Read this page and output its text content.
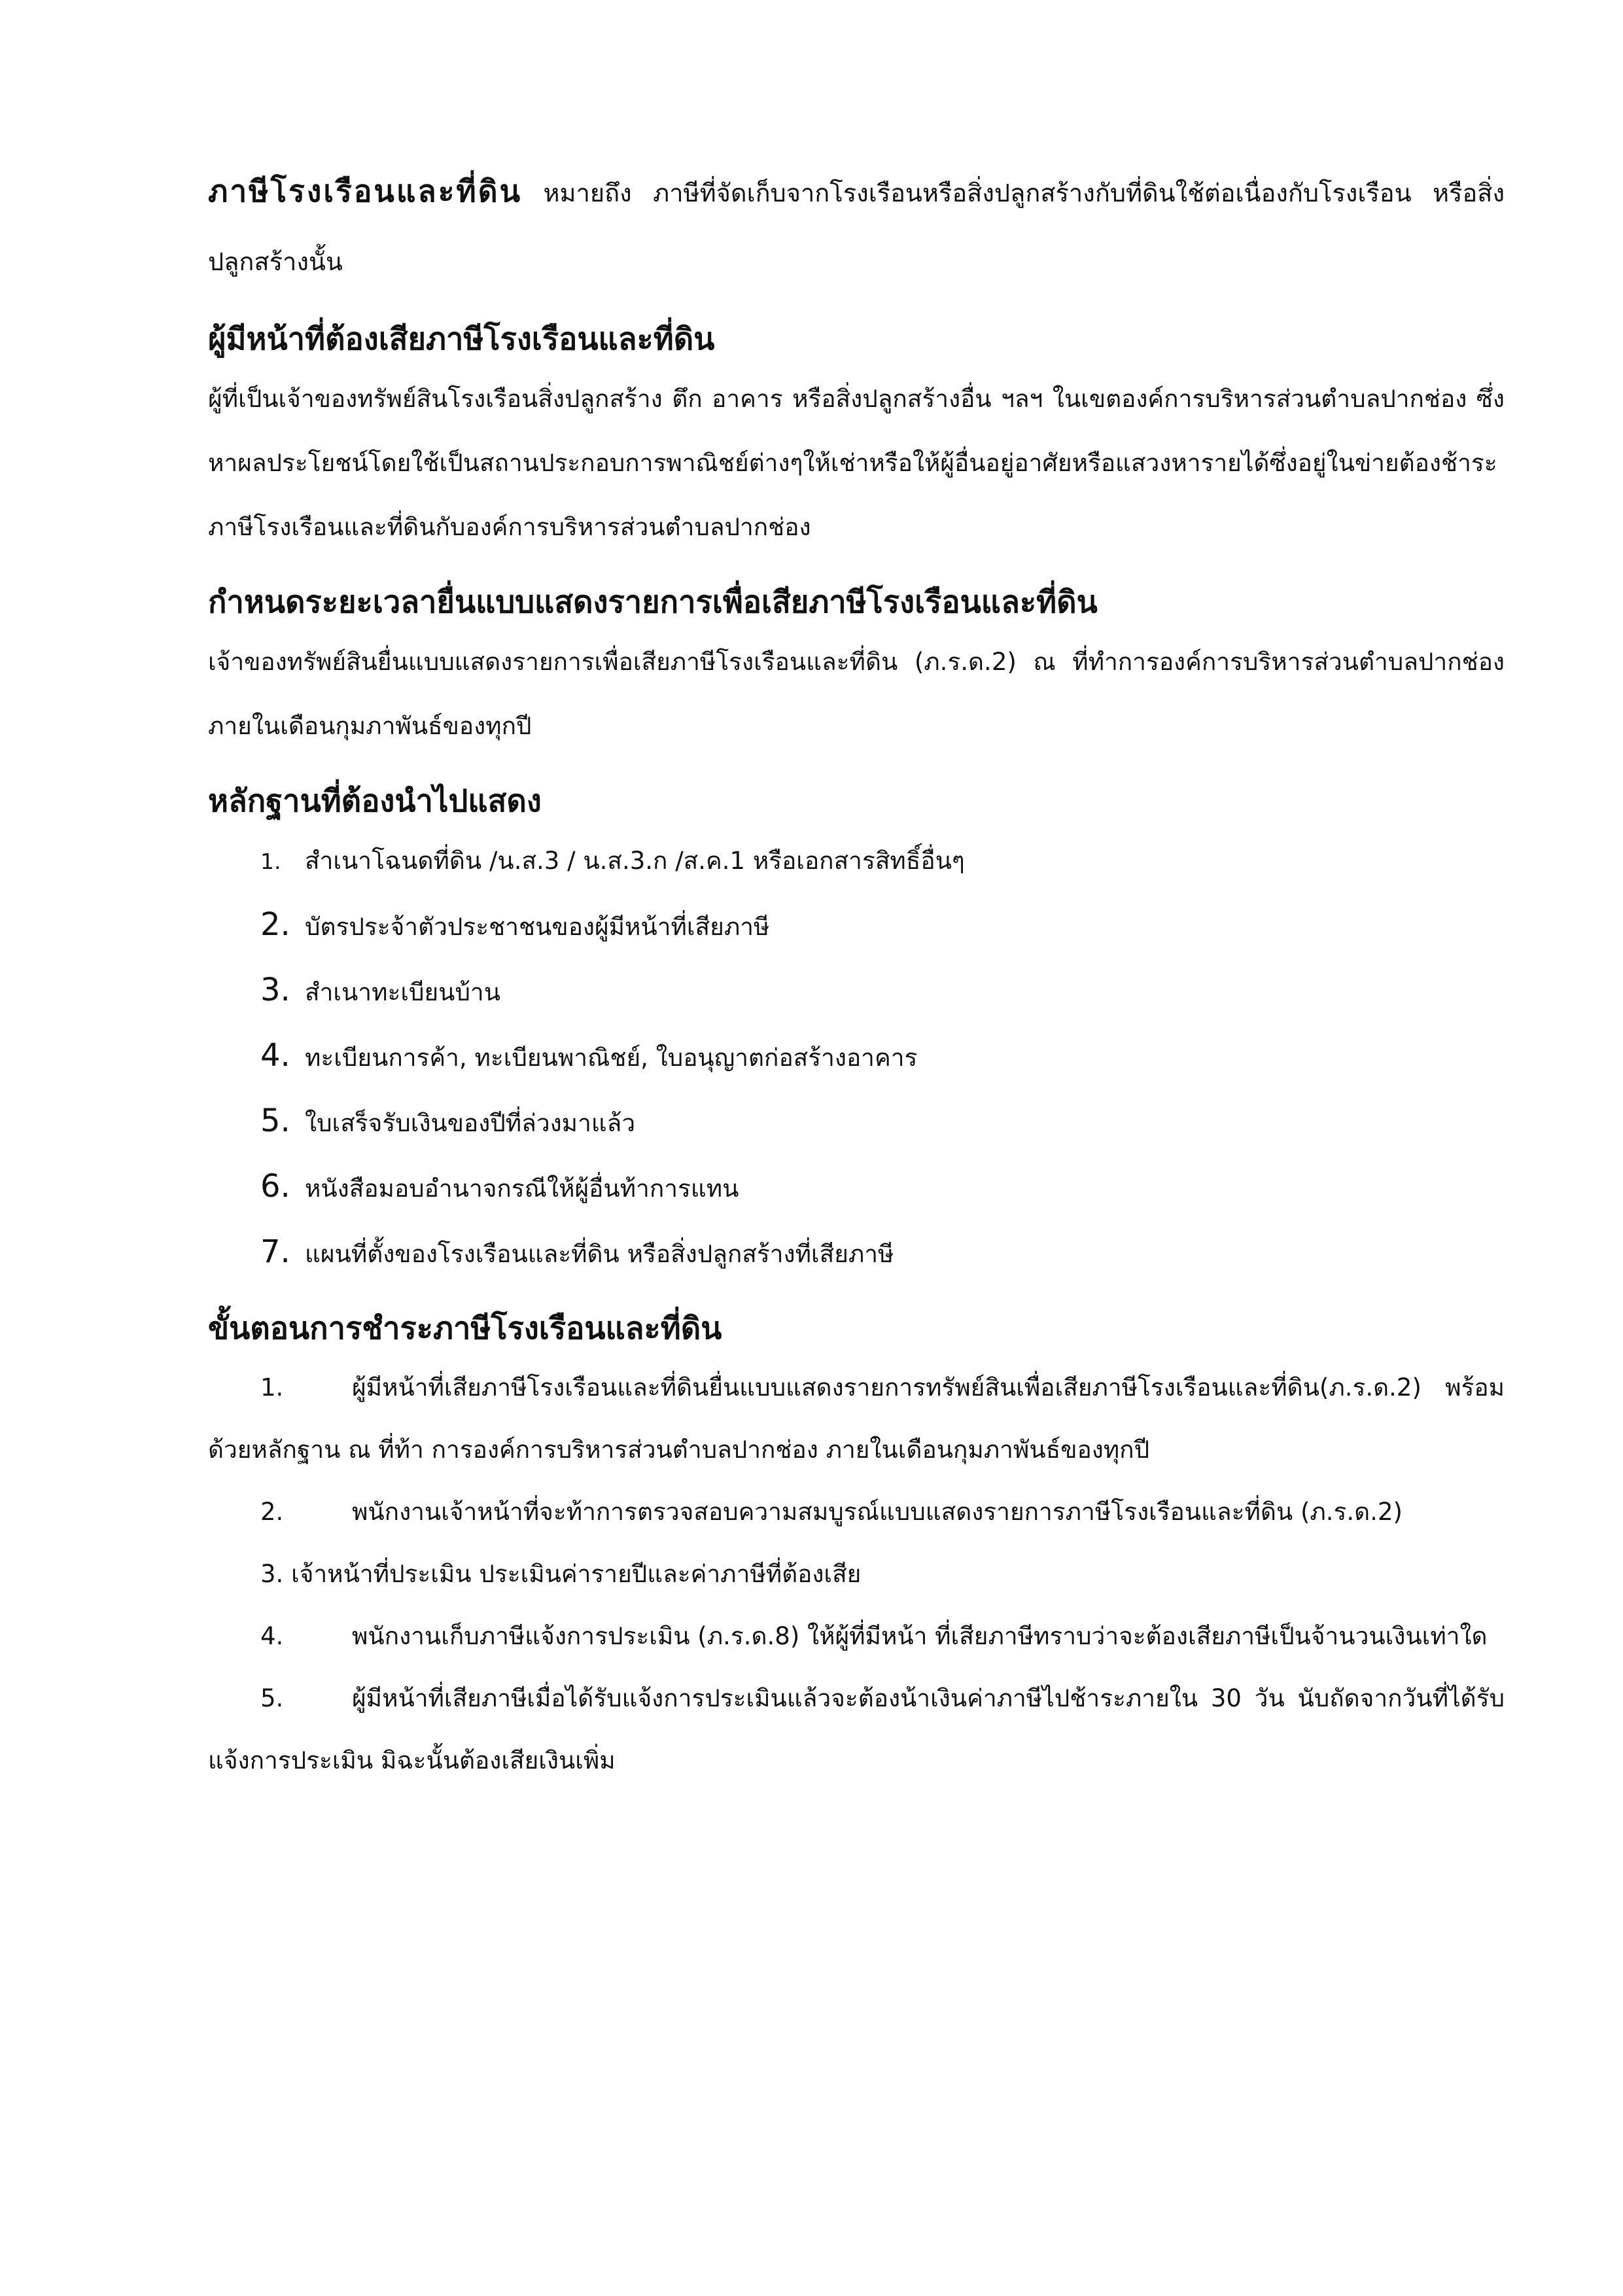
ภาษีโรงเรือนและที่ดิน หมายถึง ภาษีที่จัดเก็บจากโรงเรือนหรือสิ่งปลูกสร้างกับที่ดินใช้ต่อเนื่องกับโรงเรือน หรือสิ่งปลูกสร้างนั้น

ผู้มีหน้าที่ต้องเสียภาษีโรงเรือนและที่ดิน

ผู้ที่เป็นเจ้าของทรัพย์สินโรงเรือนสิ่งปลูกสร้าง ตึก อาคาร หรือสิ่งปลูกสร้างอื่น ฯลฯ ในเขตองค์การบริหารส่วนตำบลปากช่อง ซึ่งหาผลประโยชน์โดยใช้เป็นสถานประกอบการพาณิชย์ต่างๆให้เช่าหรือให้ผู้อื่นอยู่อาศัยหรือแสวงหารายได้ซึ่งอยู่ในข่ายต้องช้าระภาษีโรงเรือนและที่ดินกับองค์การบริหารส่วนตำบลปากช่อง

กำหนดระยะเวลายื่นแบบแสดงรายการเพื่อเสียภาษีโรงเรือนและที่ดิน

เจ้าของทรัพย์สินยื่นแบบแสดงรายการเพื่อเสียภาษีโรงเรือนและที่ดิน (ภ.ร.ด.2) ณ ที่ทำการองค์การบริหารส่วนตำบลปากช่อง ภายในเดือนกุมภาพันธ์ของทุกปี

หลักฐานที่ต้องนำไปแสดง
1. สำเนาโฉนดที่ดิน /น.ส.3 / น.ส.3.ก /ส.ค.1 หรือเอกสารสิทธิ์อื่นๆ
2. บัตรประจ้าตัวประชาชนของผู้มีหน้าที่เสียภาษี
3. สำเนาทะเบียนบ้าน
4. ทะเบียนการค้า, ทะเบียนพาณิชย์, ใบอนุญาตก่อสร้างอาคาร
5. ใบเสร็จรับเงินของปีที่ล่วงมาแล้ว
6. หนังสือมอบอำนาจกรณีให้ผู้อื่นท้าการแทน
7. แผนที่ตั้งของโรงเรือนและที่ดิน หรือสิ่งปลูกสร้างที่เสียภาษี
ขั้นตอนการชำระภาษีโรงเรือนและที่ดิน

1.	ผู้มีหน้าที่เสียภาษีโรงเรือนและที่ดินยื่นแบบแสดงรายการทรัพย์สินเพื่อเสียภาษีโรงเรือนและที่ดิน(ภ.ร.ด.2) พร้อมด้วยหลักฐาน ณ ที่ท้า การองค์การบริหารส่วนตำบลปากช่อง ภายในเดือนกุมภาพันธ์ของทุกปี

2.	พนักงานเจ้าหน้าที่จะท้าการตรวจสอบความสมบูรณ์แบบแสดงรายการภาษีโรงเรือนและที่ดิน (ภ.ร.ด.2)

3. เจ้าหน้าที่ประเมิน ประเมินค่ารายปีและค่าภาษีที่ต้องเสีย

4.	พนักงานเก็บภาษีแจ้งการประเมิน (ภ.ร.ด.8) ให้ผู้ที่มีหน้า ที่เสียภาษีทราบว่าจะต้องเสียภาษีเป็นจ้านวนเงินเท่าใด

5.	ผู้มีหน้าที่เสียภาษีเมื่อได้รับแจ้งการประเมินแล้วจะต้องน้าเงินค่าภาษีไปช้าระภายใน 30 วัน นับถัดจากวันที่ได้รับแจ้งการประเมิน มิฉะนั้นต้องเสียเงินเพิ่ม
